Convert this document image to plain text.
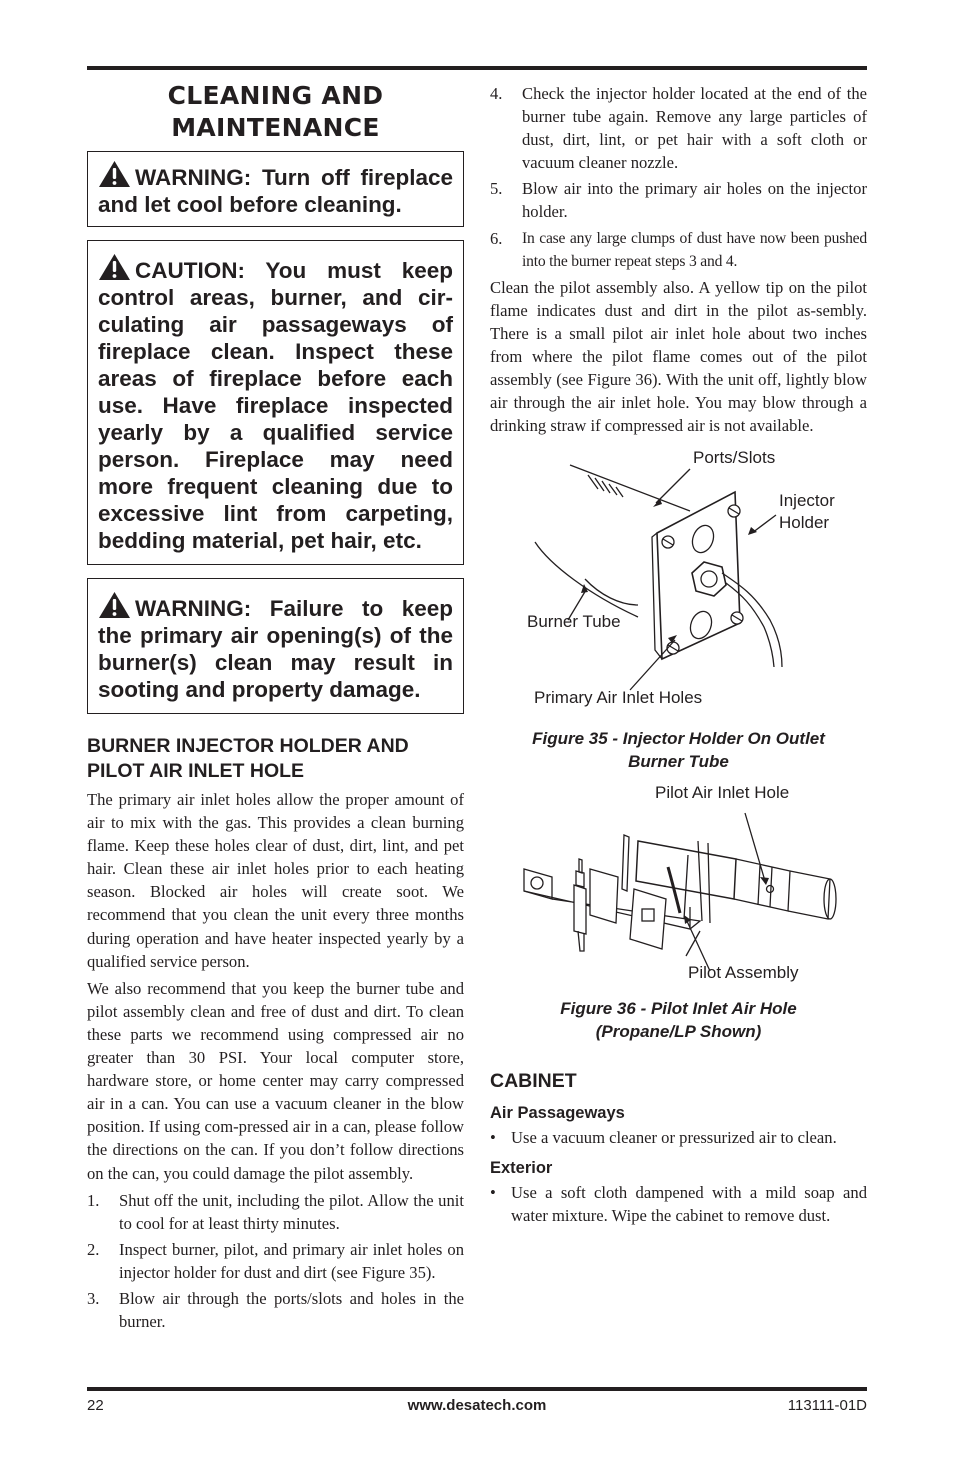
CLEANING AND
MAINTENANCE
WARNING: Turn off fireplace and let cool before cleaning.
CAUTION: You must keep control areas, burner, and cir-culating air passageways of fireplace clean. Inspect these areas of fireplace before each use. Have fireplace inspected yearly by a qualified service person. Fireplace may need more frequent cleaning due to excessive lint from carpeting, bedding material, pet hair, etc.
WARNING: Failure to keep the primary air opening(s) of the burner(s) clean may result in sooting and property damage.
BURNER INJECTOR HOLDER AND PILOT AIR INLET HOLE

The primary air inlet holes allow the proper amount of air to mix with the gas. This provides a clean burning flame. Keep these holes clear of dust, dirt, lint, and pet hair. Clean these air inlet holes prior to each heating season. Blocked air holes will create soot. We recommend that you clean the unit every three months during operation and have heater inspected yearly by a qualified service person.

We also recommend that you keep the burner tube and pilot assembly clean and free of dust and dirt. To clean these parts we recommend using compressed air no greater than 30 PSI. Your local computer store, hardware store, or home center may carry compressed air in a can. You can use a vacuum cleaner in the blow position. If using com-pressed air in a can, please follow the directions on the can. If you don’t follow directions on the can, you could damage the pilot assembly.

1.	Shut off the unit, including the pilot. Allow the unit to cool for at least thirty minutes.
2.	Inspect burner, pilot, and primary air inlet holes on injector holder for dust and dirt (see Figure 35).
3.	Blow air through the ports/slots and holes in the burner.
4.	Check the injector holder located at the end of the burner tube again. Remove any large particles of dust, dirt, lint, or pet hair with a soft cloth or vacuum cleaner nozzle.
5.	Blow air into the primary air holes on the injector holder.
6.	In case any large clumps of dust have now been pushed into the burner repeat steps 3 and 4.

Clean the pilot assembly also. A yellow tip on the pilot flame indicates dust and dirt in the pilot as-sembly. There is a small pilot air inlet hole about two inches from where the pilot flame comes out of the pilot assembly (see Figure 36). With the unit off, lightly blow air through the air inlet hole. You may blow through a drinking straw if compressed air is not available.

Ports/Slots
Injector
Holder
Burner Tube
Primary Air Inlet Holes
Figure 35 - Injector Holder On Outlet
Burner Tube
Pilot Air Inlet Hole
Pilot Assembly
Figure 36 - Pilot Inlet Air Hole
(Propane/LP Shown)
CABINET
Air Passageways
• Use a vacuum cleaner or pressurized air to clean.
Exterior
• Use a soft cloth dampened with a mild soap and water mixture. Wipe the cabinet to remove dust.
22	www.desatech.com	113111-01D
